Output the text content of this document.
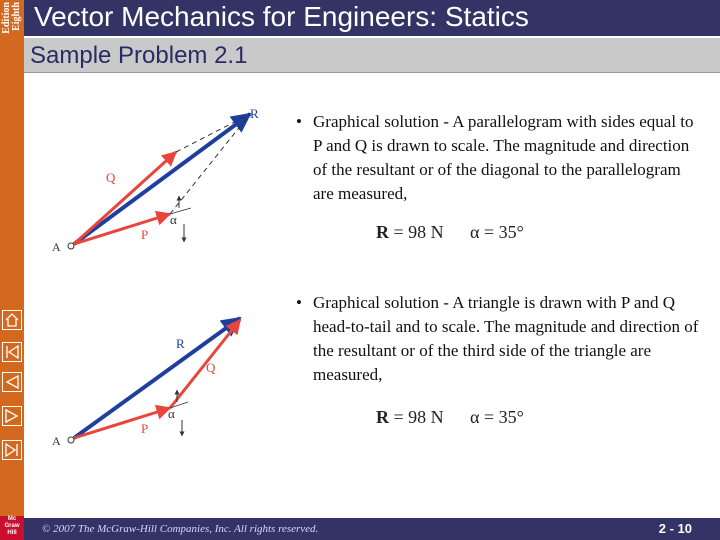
Eighth
Edition
Mc Graw Hill
Vector Mechanics for Engineers: Statics
Sample Problem 2.1
R
Q
P
A
α
• Graphical solution - A parallelogram with sides equal to P and Q is drawn to scale. The magnitude and direction of the resultant or of the diagonal to the parallelogram are measured,
R = 98 N α = 35°
R
Q
P
A
α
• Graphical solution - A triangle is drawn with P and Q head-to-tail and to scale. The magnitude and direction of the resultant or of the third side of the triangle are measured,
R = 98 N α = 35°
© 2007 The McGraw-Hill Companies, Inc. All rights reserved.	2 - 10
